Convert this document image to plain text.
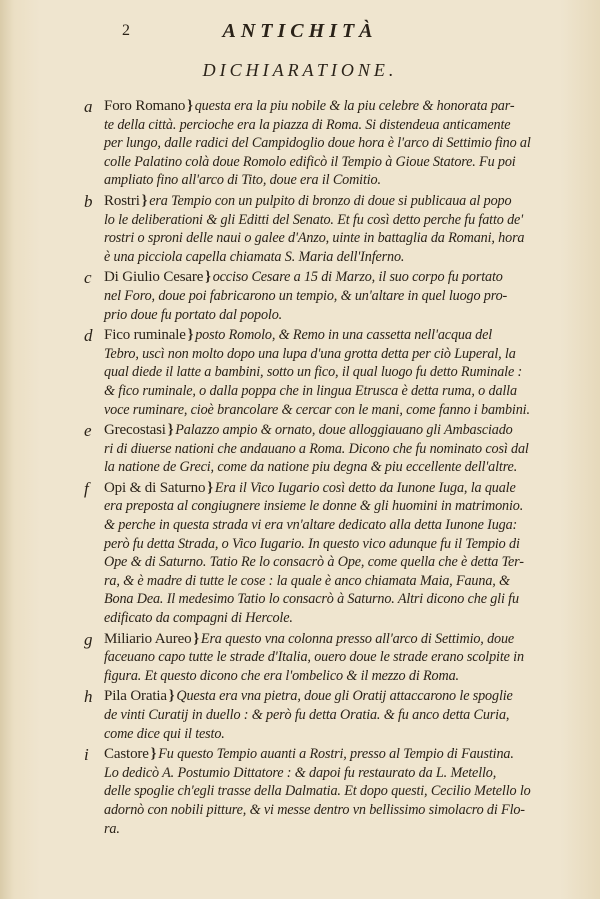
2	ANTICHITÀ
DICHIARATIONE.
a Foro Romano } questa era la piu nobile & la piu celebre & honorata par-
te della città. percioche era la piazza di Roma. Si distendeua anticamente
per lungo, dalle radici del Campidoglio doue hora è l'arco di Settimio fino al
colle Palatino colà doue Romolo edificò il Tempio à Gioue Statore. Fu poi
ampliato fino all'arco di Tito, doue era il Comitio.
b Rostri } era Tempio con un pulpito di bronzo di doue si publicaua al popo
lo le deliberationi & gli Editti del Senato. Et fu così detto perche fu fatto de'
rostri o sproni delle naui o galee d'Anzo, uinte in battaglia da Romani, hora
è una picciola capella chiamata S. Maria dell'Inferno.
c Di Giulio Cesare } occiso Cesare a 15 di Marzo, il suo corpo fu portato
nel Foro, doue poi fabricarono un tempio, & un'altare in quel luogo pro-
prio doue fu portato dal popolo.
d Fico ruminale } posto Romolo, & Remo in una cassetta nell'acqua del
Tebro, uscì non molto dopo una lupa d'una grotta detta per ciò Luperal, la
qual diede il latte a bambini, sotto un fico, il qual luogo fu detto Ruminale :
& fico ruminale, o dalla poppa che in lingua Etrusca è detta ruma, o dalla
voce ruminare, cioè brancolare & cercar con le mani, come fanno i bambini.
e Grecostasi } Palazzo ampio & ornato, doue alloggiauano gli Ambasciado
ri di diuerse nationi che andauano a Roma. Dicono che fu nominato così dal
la natione de Greci, come da natione piu degna & piu eccellente dell'altre.
f Opi & di Saturno } Era il Vico Iugario così detto da Iunone Iuga, la quale
era preposta al congiugnere insieme le donne & gli huomini in matrimonio.
& perche in questa strada vi era vn'altare dedicato alla detta Iunone Iuga:
però fu detta Strada, o Vico Iugario. In questo vico adunque fu il Tempio di
Ope & di Saturno. Tatio Re lo consacrò à Ope, come quella che è detta Ter-
ra, & è madre di tutte le cose : la quale è anco chiamata Maia, Fauna, &
Bona Dea. Il medesimo Tatio lo consacrò à Saturno. Altri dicono che gli fu
edificato da compagni di Hercole.
g Miliario Aureo } Era questo vna colonna presso all'arco di Settimio, doue
faceuano capo tutte le strade d'Italia, ouero doue le strade erano scolpite in
figura. Et questo dicono che era l'ombelico & il mezzo di Roma.
h Pila Oratia } Questa era vna pietra, doue gli Oratij attaccarono le spoglie
de vinti Curatij in duello : & però fu detta Oratia. & fu anco detta Curia,
come dice qui il testo.
i Castore } Fu questo Tempio auanti a Rostri, presso al Tempio di Faustina.
Lo dedicò A. Postumio Dittatore : & dapoi fu restaurato da L. Metello,
delle spoglie ch'egli trasse della Dalmatia. Et dopo questi, Cecilio Metello lo
adornò con nobili pitture, & vi messe dentro vn bellissimo simolacro di Flo-
ra.
